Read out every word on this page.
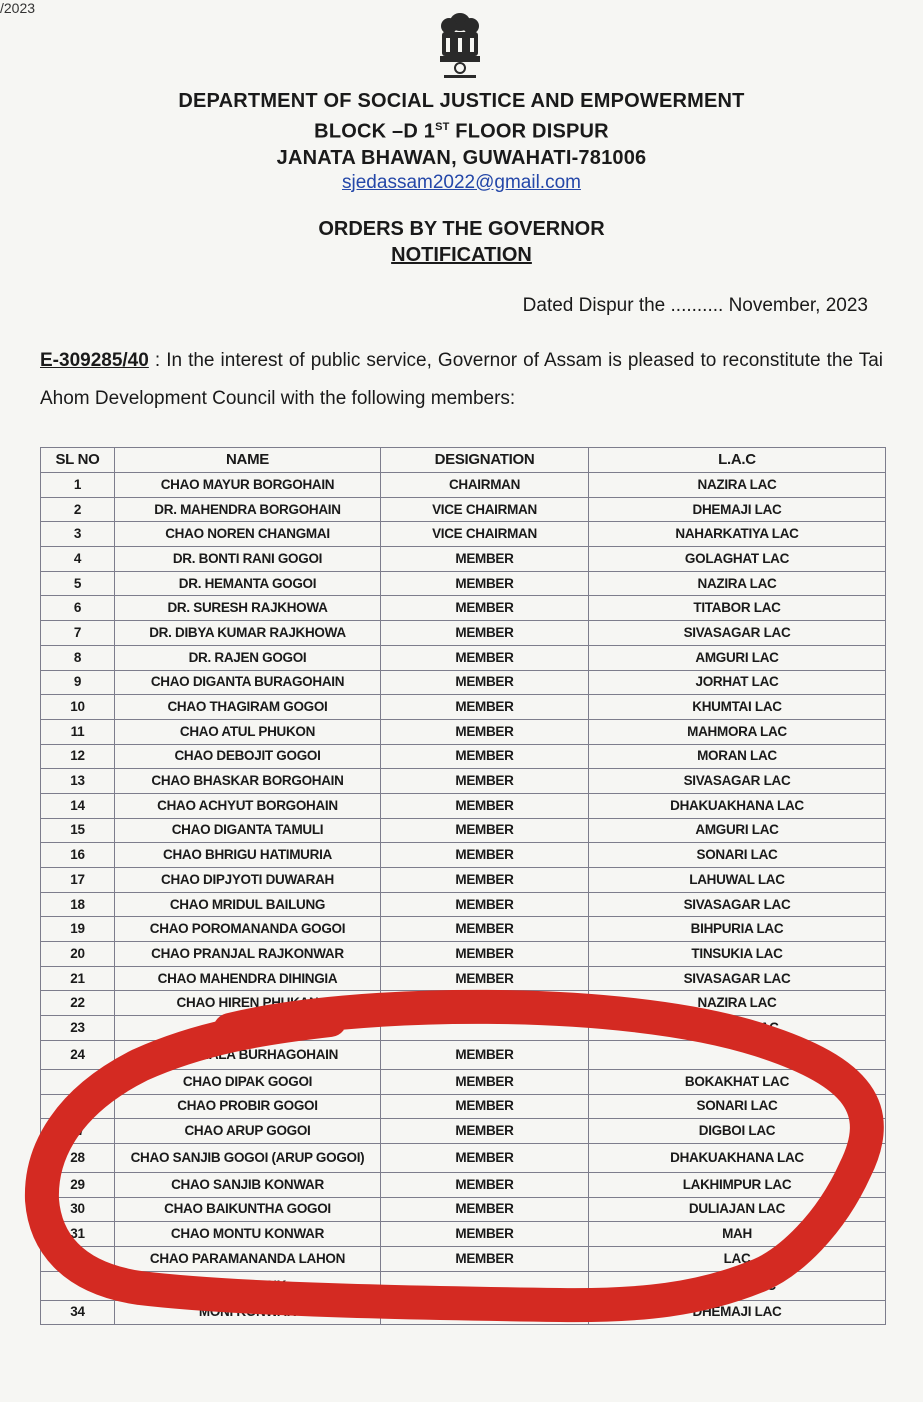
/2023
DEPARTMENT OF SOCIAL JUSTICE AND EMPOWERMENT
BLOCK –D 1ST FLOOR DISPUR
JANATA BHAWAN, GUWAHATI-781006
sjedassam2022@gmail.com
ORDERS BY THE GOVERNOR
NOTIFICATION
Dated Dispur the .......... November, 2023
E-309285/40 : In the interest of public service, Governor of Assam is pleased to reconstitute the Tai Ahom Development Council with the following members:
SL NO	NAME	DESIGNATION	L.A.C
1	CHAO MAYUR BORGOHAIN	CHAIRMAN	NAZIRA LAC
2	DR. MAHENDRA BORGOHAIN	VICE CHAIRMAN	DHEMAJI LAC
3	CHAO NOREN CHANGMAI	VICE CHAIRMAN	NAHARKATIYA LAC
4	DR. BONTI RANI GOGOI	MEMBER	GOLAGHAT LAC
5	DR. HEMANTA GOGOI	MEMBER	NAZIRA LAC
6	DR. SURESH RAJKHOWA	MEMBER	TITABOR LAC
7	DR. DIBYA KUMAR RAJKHOWA	MEMBER	SIVASAGAR LAC
8	DR. RAJEN GOGOI	MEMBER	AMGURI LAC
9	CHAO DIGANTA BURAGOHAIN	MEMBER	JORHAT LAC
10	CHAO THAGIRAM GOGOI	MEMBER	KHUMTAI LAC
11	CHAO ATUL PHUKON	MEMBER	MAHMORA LAC
12	CHAO DEBOJIT GOGOI	MEMBER	MORAN LAC
13	CHAO BHASKAR BORGOHAIN	MEMBER	SIVASAGAR LAC
14	CHAO ACHYUT BORGOHAIN	MEMBER	DHAKUAKHANA LAC
15	CHAO DIGANTA TAMULI	MEMBER	AMGURI LAC
16	CHAO BHRIGU HATIMURIA	MEMBER	SONARI LAC
17	CHAO DIPJYOTI DUWARAH	MEMBER	LAHUWAL LAC
18	CHAO MRIDUL BAILUNG	MEMBER	SIVASAGAR LAC
19	CHAO POROMANANDA GOGOI	MEMBER	BIHPURIA LAC
20	CHAO PRANJAL RAJKONWAR	MEMBER	TINSUKIA LAC
21	CHAO MAHENDRA DIHINGIA	MEMBER	SIVASAGAR LAC
22	CHAO HIREN PHUKAN	MEMBER	NAZIRA LAC
23	CHA		AMGURI LAC
24	JYOTI MALA BURHAGOHAIN	MEMBER	
	CHAO DIPAK GOGOI	MEMBER	BOKAKHAT LAC
	CHAO PROBIR GOGOI	MEMBER	SONARI LAC
27	CHAO ARUP GOGOI	MEMBER	DIGBOI LAC
28	CHAO SANJIB GOGOI (ARUP GOGOI)	MEMBER	DHAKUAKHANA LAC
29	CHAO SANJIB KONWAR	MEMBER	LAKHIMPUR LAC
30	CHAO BAIKUNTHA GOGOI	MEMBER	DULIAJAN LAC
31	CHAO MONTU KONWAR	MEMBER	MAH
	CHAO PARAMANANDA LAHON	MEMBER	LAC
	CHAO TANK		SADIYA LAC
34	MONI KONWAR	MEMBER	DHEMAJI LAC
